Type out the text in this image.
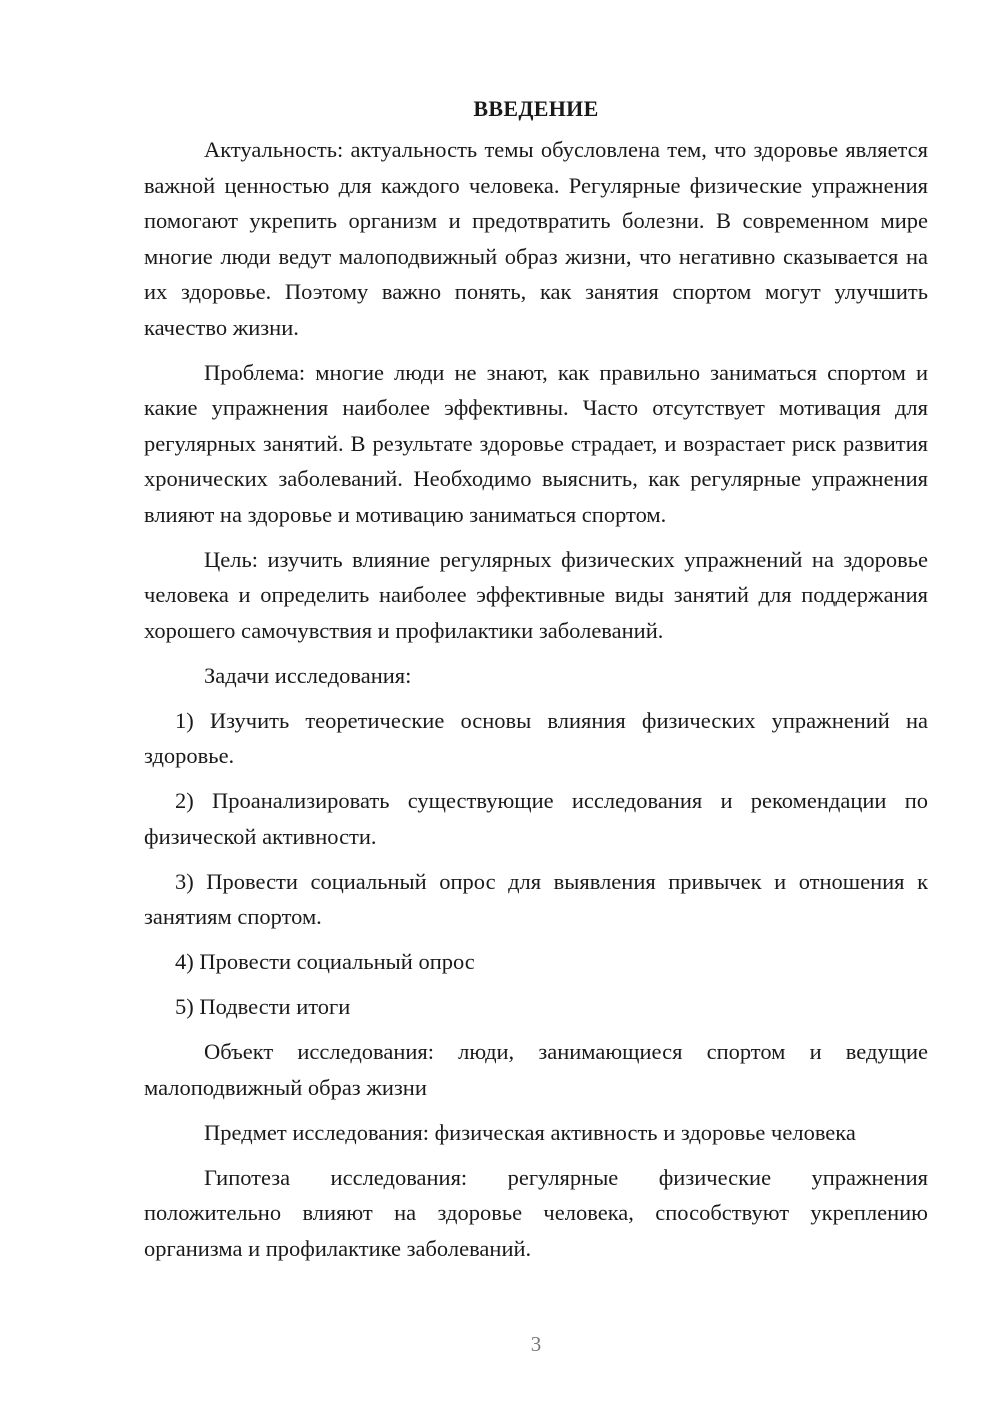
ВВЕДЕНИЕ

Актуальность: актуальность темы обусловлена тем, что здоровье является важной ценностью для каждого человека. Регулярные физические упражнения помогают укрепить организм и предотвратить болезни. В современном мире многие люди ведут малоподвижный образ жизни, что негативно сказывается на их здоровье. Поэтому важно понять, как занятия спортом могут улучшить качество жизни.

Проблема: многие люди не знают, как правильно заниматься спортом и какие упражнения наиболее эффективны. Часто отсутствует мотивация для регулярных занятий. В результате здоровье страдает, и возрастает риск развития хронических заболеваний. Необходимо выяснить, как регулярные упражнения влияют на здоровье и мотивацию заниматься спортом.

Цель: изучить влияние регулярных физических упражнений на здоровье человека и определить наиболее эффективные виды занятий для поддержания хорошего самочувствия и профилактики заболеваний.

Задачи исследования:

1) Изучить теоретические основы влияния физических упражнений на здоровье.

2) Проанализировать существующие исследования и рекомендации по физической активности.

3) Провести социальный опрос для выявления привычек и отношения к занятиям спортом.

4) Провести социальный опрос

5) Подвести итоги

Объект исследования: люди, занимающиеся спортом и ведущие малоподвижный образ жизни

Предмет исследования: физическая активность и здоровье человека

Гипотеза исследования: регулярные физические упражнения положительно влияют на здоровье человека, способствуют укреплению организма и профилактике заболеваний.

3
